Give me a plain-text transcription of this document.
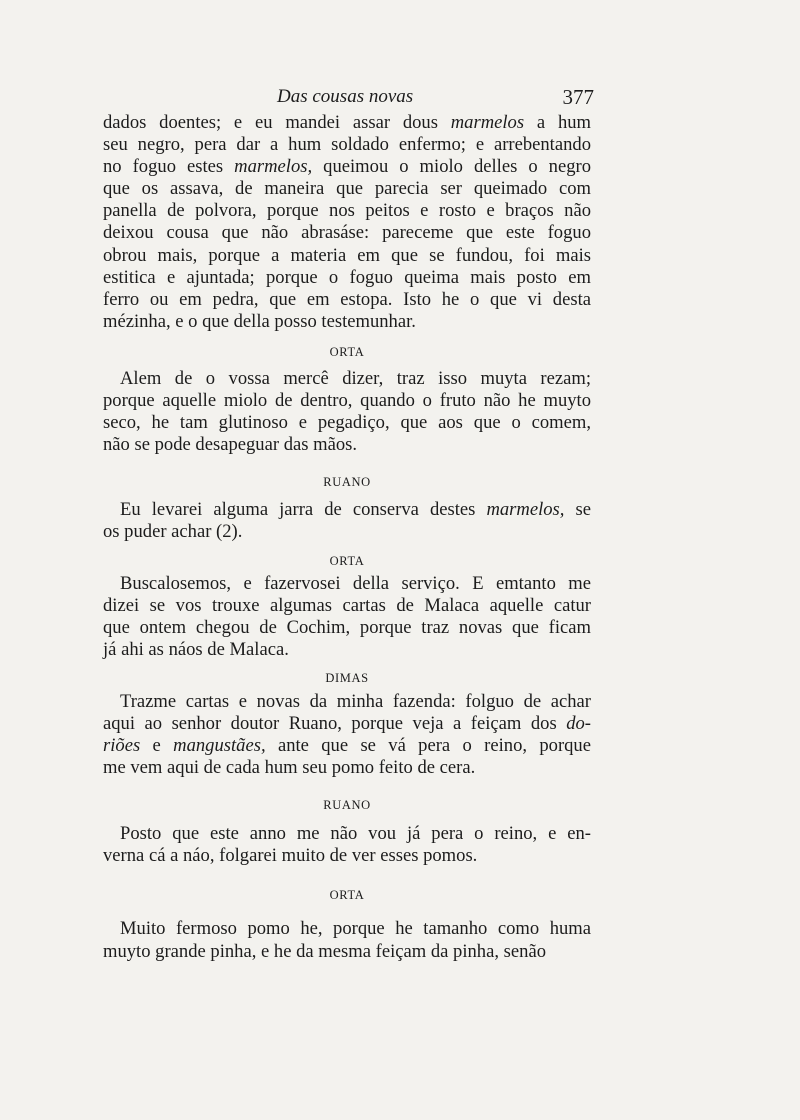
Das cousas novas	377
dados doentes; e eu mandei assar dous marmelos a hum
seu negro, pera dar a hum soldado enfermo; e arrebentando
no foguo estes marmelos, queimou o miolo delles o negro
que os assava, de maneira que parecia ser queimado com
panella de polvora, porque nos peitos e rosto e braços não
deixou cousa que não abrasáse: pareceme que este foguo
obrou mais, porque a materia em que se fundou, foi mais
estitica e ajuntada; porque o foguo queima mais posto em
ferro ou em pedra, que em estopa. Isto he o que vi desta
mézinha, e o que della posso testemunhar.

ORTA

Alem de o vossa mercê dizer, traz isso muyta rezam;
porque aquelle miolo de dentro, quando o fruto não he muyto
seco, he tam glutinoso e pegadiço, que aos que o comem,
não se pode desapeguar das mãos.

RUANO

Eu levarei alguma jarra de conserva destes marmelos, se
os puder achar (2).

ORTA

Buscalosemos, e fazervosei della serviço. E emtanto me
dizei se vos trouxe algumas cartas de Malaca aquelle catur
que ontem chegou de Cochim, porque traz novas que ficam
já ahi as náos de Malaca.

DIMAS

Trazme cartas e novas da minha fazenda: folguo de achar
aqui ao senhor doutor Ruano, porque veja a feiçam dos do-
riões e mangustães, ante que se vá pera o reino, porque
me vem aqui de cada hum seu pomo feito de cera.

RUANO

Posto que este anno me não vou já pera o reino, e en-
verna cá a náo, folgarei muito de ver esses pomos.

ORTA

Muito fermoso pomo he, porque he tamanho como huma
muyto grande pinha, e he da mesma feiçam da pinha, senão
